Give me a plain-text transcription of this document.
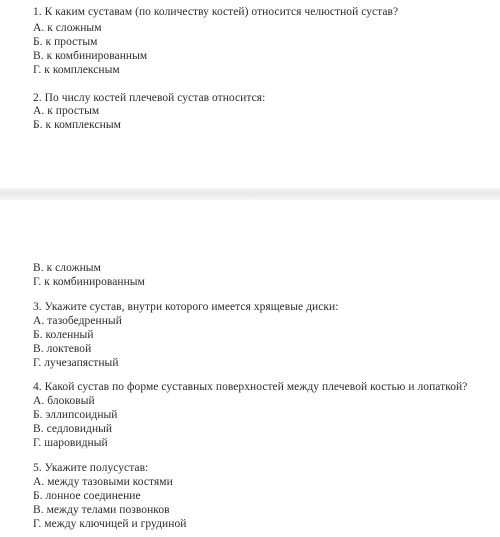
1. К каким суставам (по количеству костей) относится челюстной сустав?
А. к сложным
Б. к простым
В. к комбинированным
Г. к комплексным
2. По числу костей плечевой сустав относится:
А. к простым
Б. к комплексным
В. к сложным
Г. к комбинированным
3. Укажите сустав, внутри которого имеется хрящевые диски:
А. тазобедренный
Б. коленный
В. локтевой
Г. лучезапястный
4. Какой сустав по форме суставных поверхностей между плечевой костью и лопаткой?
А. блоковый
Б. эллипсоидный
В. седловидный
Г. шаровидный
5. Укажите полусустав:
А. между тазовыми костями
Б. лонное соединение
В. между телами позвонков
Г. между ключицей и грудиной
